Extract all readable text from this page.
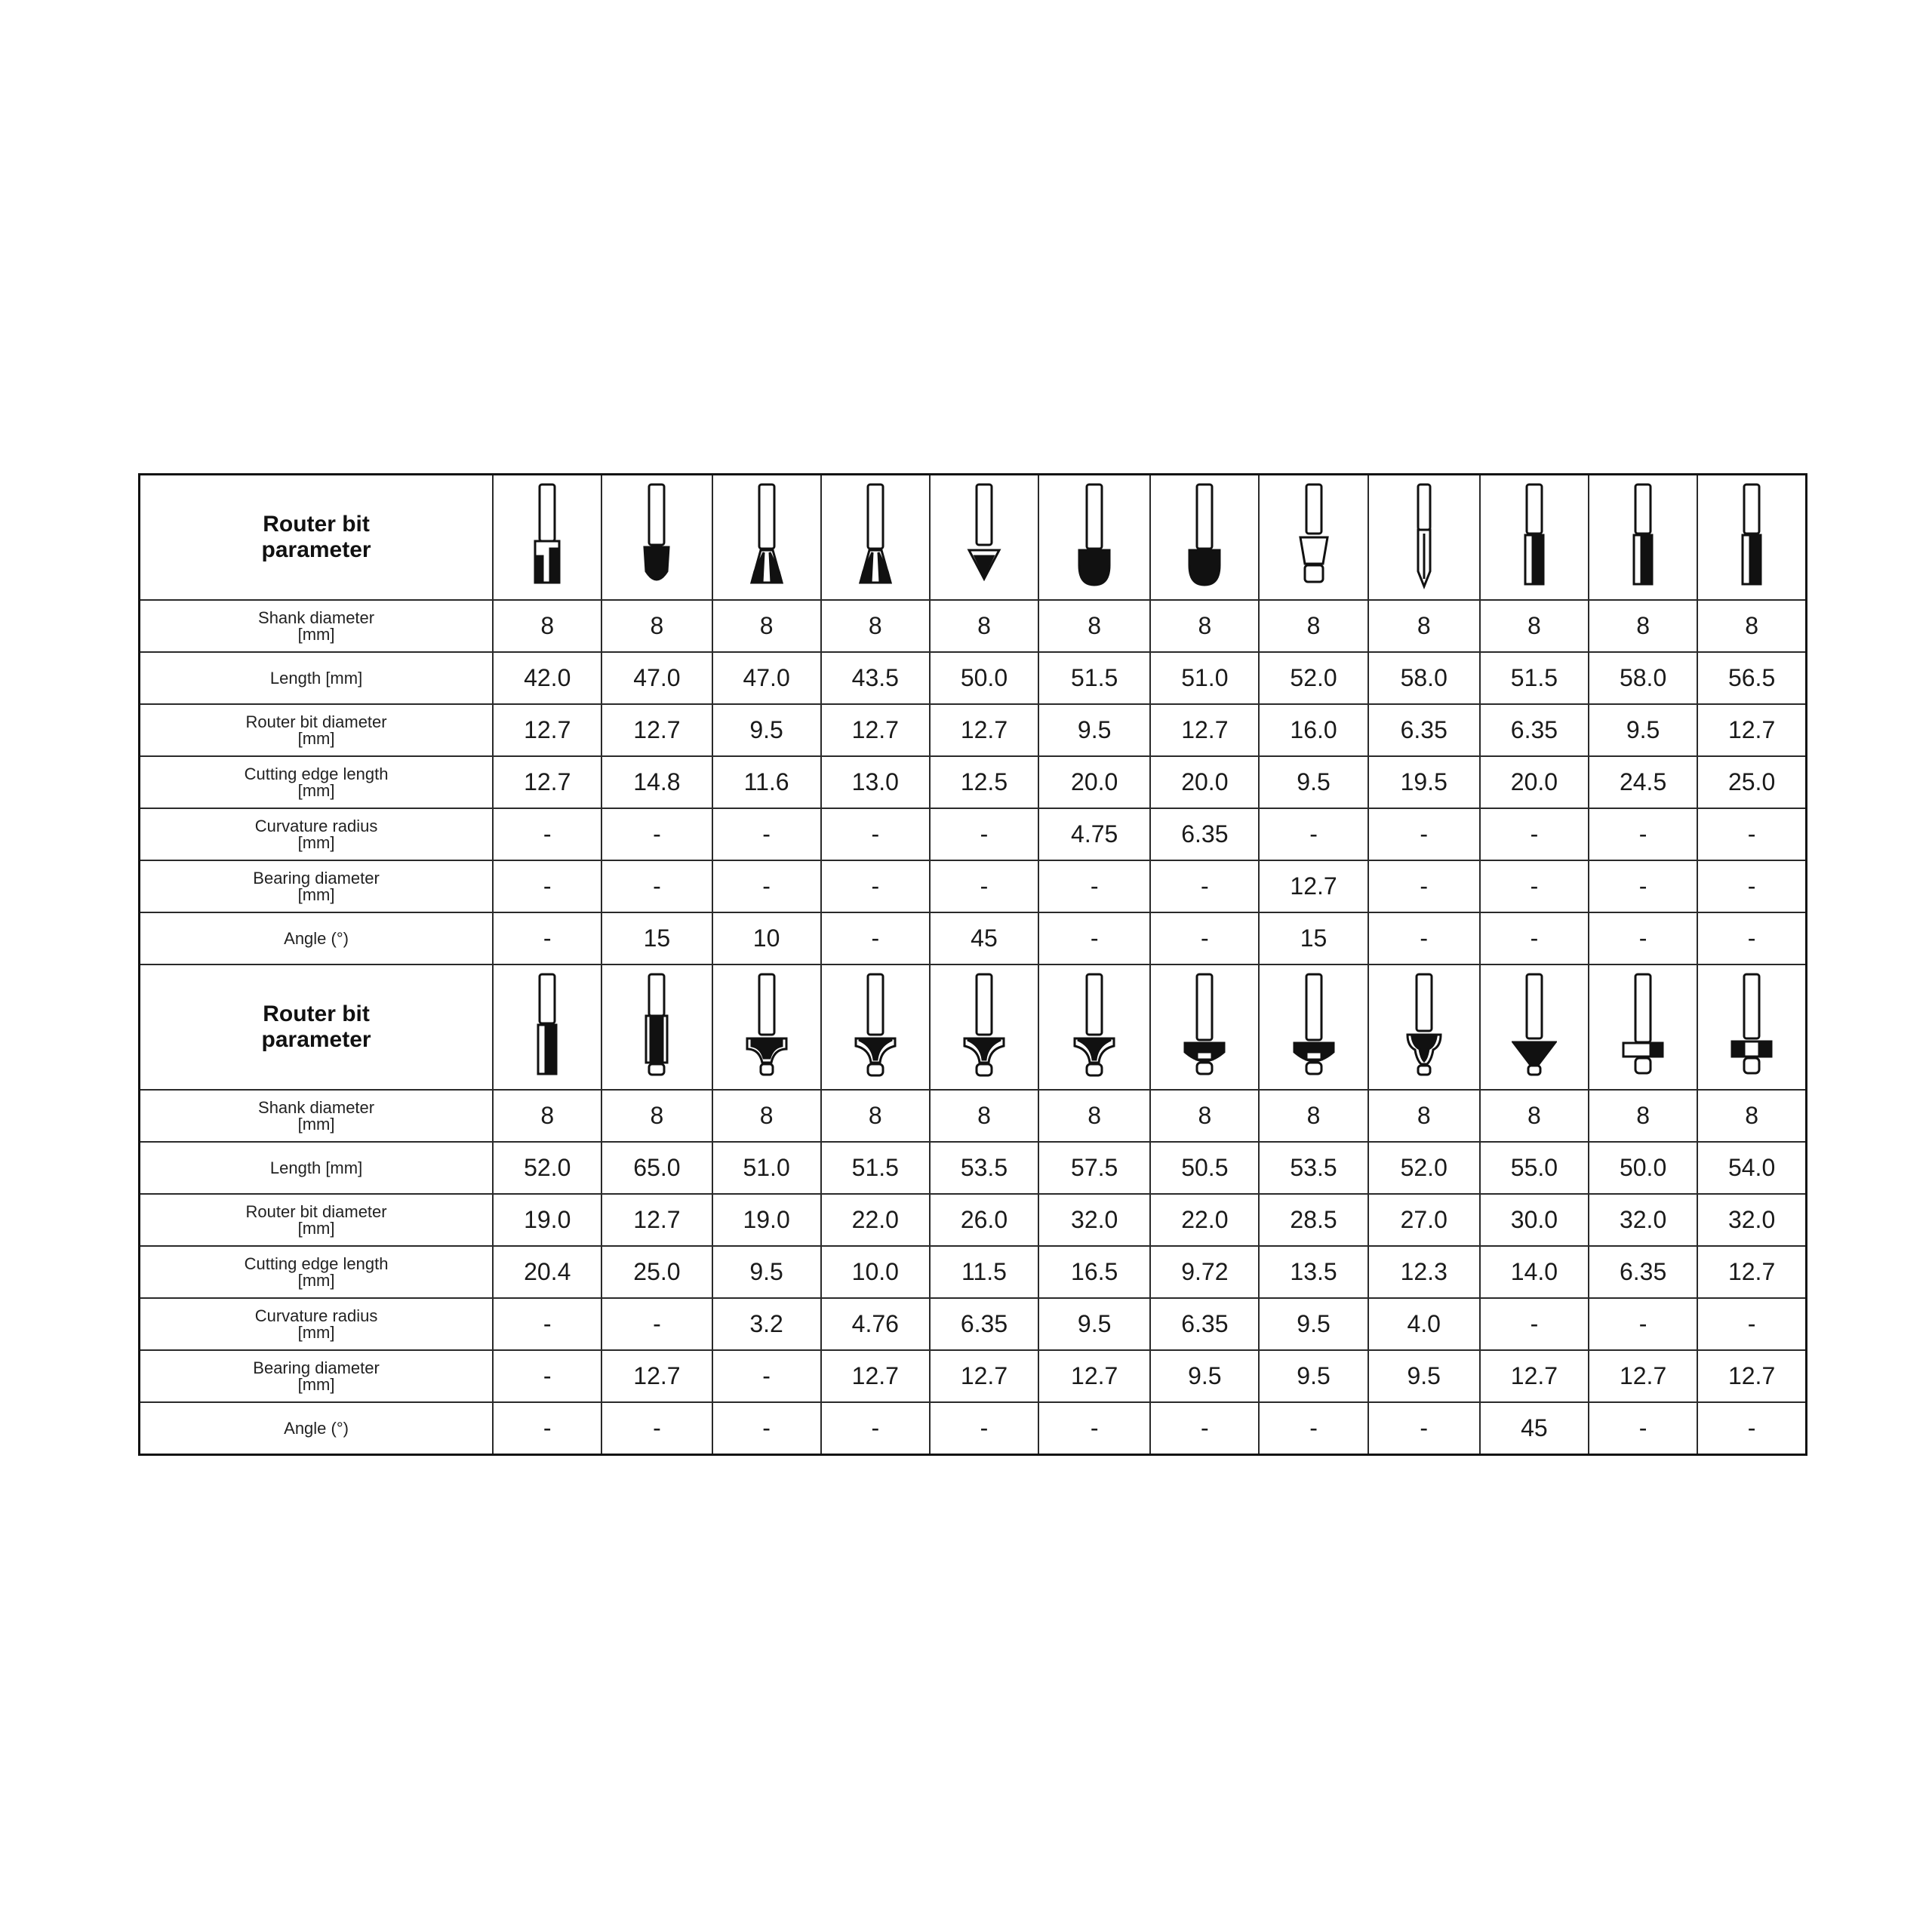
Router bit
parameter	

Shank diameter
[mm]	8	8	8	8	8	8	8	8	8	8	8	8
Length [mm]	42.0	47.0	47.0	43.5	50.0	51.5	51.0	52.0	58.0	51.5	58.0	56.5
Router bit diameter
[mm]	12.7	12.7	9.5	12.7	12.7	9.5	12.7	16.0	6.35	6.35	9.5	12.7
Cutting edge length
[mm]	12.7	14.8	11.6	13.0	12.5	20.0	20.0	9.5	19.5	20.0	24.5	25.0
Curvature radius
[mm]	-	-	-	-	-	4.75	6.35	-	-	-	-	-
Bearing diameter
[mm]	-	-	-	-	-	-	-	12.7	-	-	-	-
Angle (°)	-	15	10	-	45	-	-	15	-	-	-	-
Router bit
parameter	

Shank diameter
[mm]	8	8	8	8	8	8	8	8	8	8	8	8
Length [mm]	52.0	65.0	51.0	51.5	53.5	57.5	50.5	53.5	52.0	55.0	50.0	54.0
Router bit diameter
[mm]	19.0	12.7	19.0	22.0	26.0	32.0	22.0	28.5	27.0	30.0	32.0	32.0
Cutting edge length
[mm]	20.4	25.0	9.5	10.0	11.5	16.5	9.72	13.5	12.3	14.0	6.35	12.7
Curvature radius
[mm]	-	-	3.2	4.76	6.35	9.5	6.35	9.5	4.0	-	-	-
Bearing diameter
[mm]	-	12.7	-	12.7	12.7	12.7	9.5	9.5	9.5	12.7	12.7	12.7
Angle (°)	-	-	-	-	-	-	-	-	-	45	-	-
